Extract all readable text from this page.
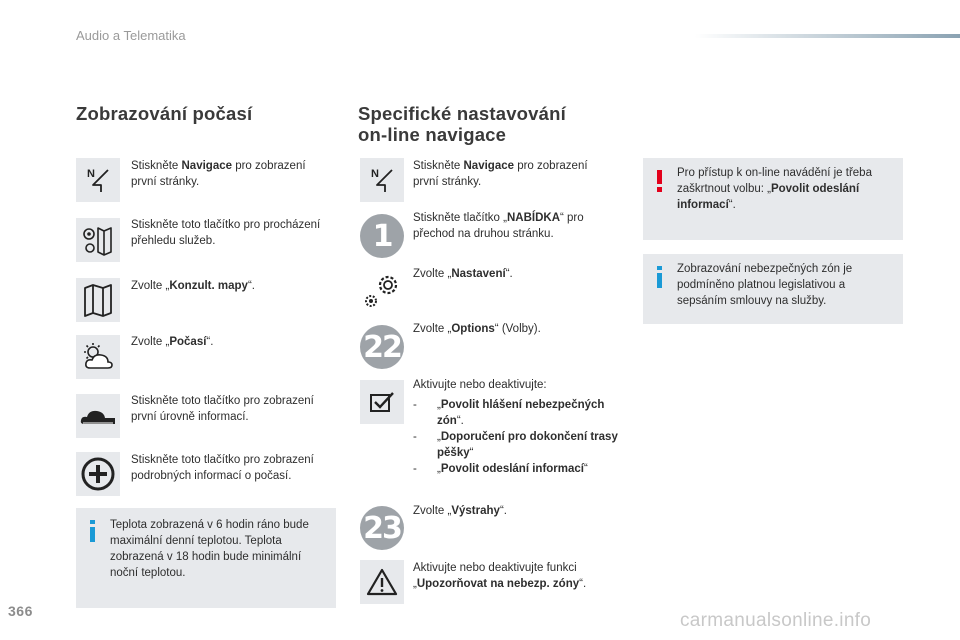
Audio a Telematika
Zobrazování počasí
N
Stiskněte Navigace pro zobrazení první stránky.
Stiskněte toto tlačítko pro procházení přehledu služeb.
Zvolte „Konzult. mapy“.
Zvolte „Počasí“.
Stiskněte toto tlačítko pro zobrazení první úrovně informací.
Stiskněte toto tlačítko pro zobrazení podrobných informací o počasí.
Teplota zobrazená v 6 hodin ráno bude maximální denní teplotou. Teplota zobrazená v 18 hodin bude minimální noční teplotou.
Specifické nastavování
on-line navigace
N
Stiskněte Navigace pro zobrazení první stránky.
1
Stiskněte tlačítko „NABÍDKA“ pro přechod na druhou stránku.
Zvolte „Nastavení“.
22
Zvolte „Options“ (Volby).
Aktivujte nebo deaktivujte:
-	„Povolit hlášení nebezpečných zón“.
-	„Doporučení pro dokončení trasy pěšky“
-	„Povolit odeslání informací“
23 Zvolte „Výstrahy“.
Aktivujte nebo deaktivujte funkci „Upozorňovat na nebezp. zóny“.
Pro přístup k on-line navádění je třeba zaškrtnout volbu: „Povolit odeslání informací“.
Zobrazování nebezpečných zón je podmíněno platnou legislativou a sepsáním smlouvy na služby.
366	carmanualsonline.info
